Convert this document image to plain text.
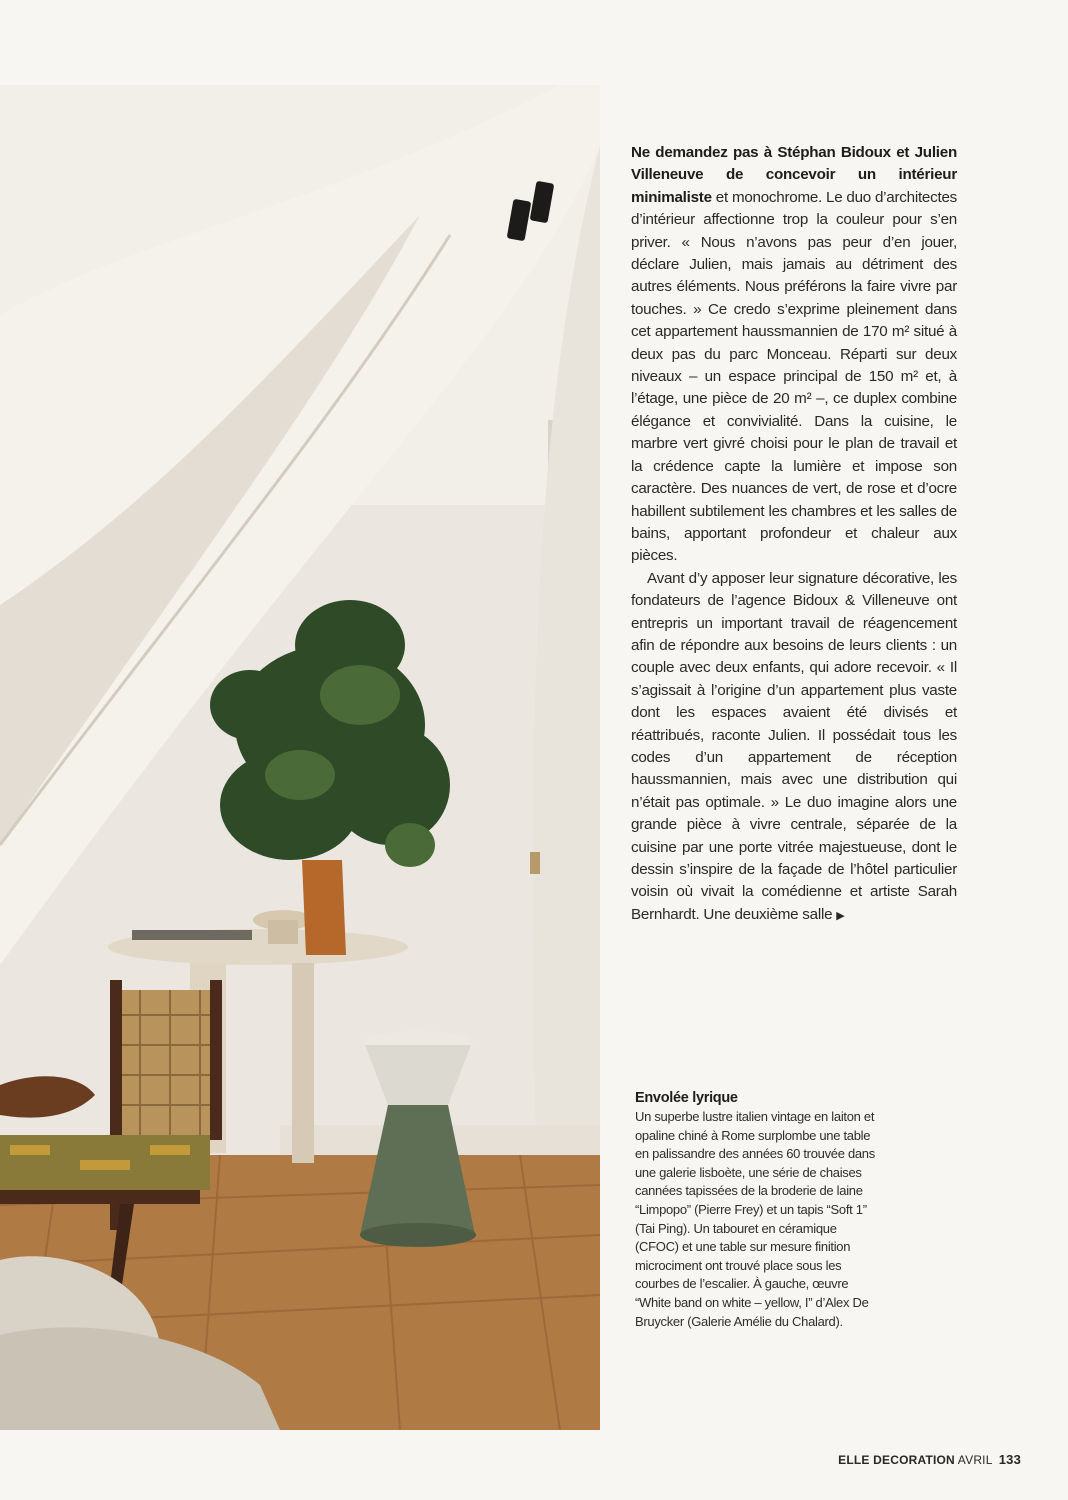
Ne demandez pas à Stéphan Bidoux et Julien Villeneuve de concevoir un intérieur minimaliste et monochrome. Le duo d’architectes d’intérieur affectionne trop la couleur pour s’en priver. « Nous n’avons pas peur d’en jouer, déclare Julien, mais jamais au détriment des autres éléments. Nous préférons la faire vivre par touches. » Ce credo s’exprime pleinement dans cet appartement haussmannien de 170 m² situé à deux pas du parc Monceau. Réparti sur deux niveaux – un espace principal de 150 m² et, à l’étage, une pièce de 20 m² –, ce duplex combine élégance et convivialité. Dans la cuisine, le marbre vert givré choisi pour le plan de travail et la crédence capte la lumière et impose son caractère. Des nuances de vert, de rose et d’ocre habillent subtilement les chambres et les salles de bains, apportant profondeur et chaleur aux pièces.

Avant d’y apposer leur signature décorative, les fondateurs de l’agence Bidoux & Villeneuve ont entrepris un important travail de réagencement afin de répondre aux besoins de leurs clients : un couple avec deux enfants, qui adore recevoir. « Il s’agissait à l’origine d’un appartement plus vaste dont les espaces avaient été divisés et réattribués, raconte Julien. Il possédait tous les codes d’un appartement de réception haussmannien, mais avec une distribution qui n’était pas optimale. » Le duo imagine alors une grande pièce à vivre centrale, séparée de la cuisine par une porte vitrée majestueuse, dont le dessin s’inspire de la façade de l’hôtel particulier voisin où vivait la comédienne et artiste Sarah Bernhardt. Une deuxième salle ▶

Envolée lyrique
Un superbe lustre italien vintage en laiton et opaline chiné à Rome surplombe une table en palissandre des années 60 trouvée dans une galerie lisboète, une série de chaises cannées tapissées de la broderie de laine “Limpopo” (Pierre Frey) et un tapis “Soft 1” (Tai Ping). Un tabouret en céramique (CFOC) et une table sur mesure finition microciment ont trouvé place sous les courbes de l’escalier. À gauche, œuvre “White band on white – yellow, I” d’Alex De Bruycker (Galerie Amélie du Chalard).
ELLE DECORATION AVRIL 133
